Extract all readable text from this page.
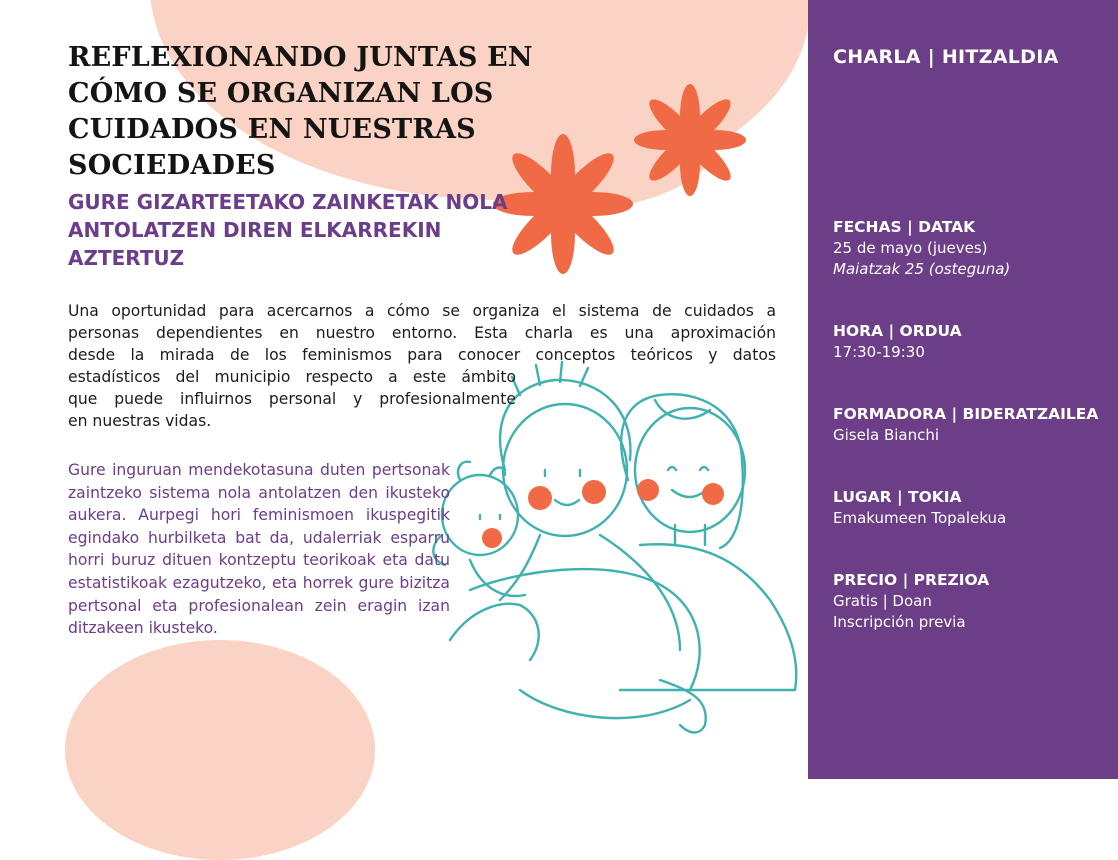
REFLEXIONANDO JUNTAS EN CÓMO SE ORGANIZAN LOS CUIDADOS EN NUESTRAS SOCIEDADES
GURE GIZARTEETAKO ZAINKETAK NOLA ANTOLATZEN DIREN ELKARREKIN AZTERTUZ
Una oportunidad para acercarnos a cómo se organiza el sistema de cuidados a
personas dependientes en nuestro entorno. Esta charla es una aproximación
desde la mirada de los feminismos para conocer conceptos teóricos y datos
estadísticos del municipio respecto a este ámbito
que puede influirnos personal y profesionalmente
en nuestras vidas.

Gure inguruan mendekotasuna duten pertsonak zaintzeko sistema nola antolatzen den ikusteko aukera. Aurpegi hori feminismoen ikuspegitik egindako hurbilketa bat da, udalerriak esparru horri buruz dituen kontzeptu teorikoak eta datu estatistikoak ezagutzeko, eta horrek gure bizitza pertsonal eta profesionalean zein eragin izan ditzakeen ikusteko.

CHARLA | HITZALDIA
FECHAS | DATAK
25 de mayo (jueves)
Maiatzak 25 (osteguna)
HORA | ORDUA
17:30-19:30
FORMADORA | BIDERATZAILEA
Gisela Bianchi
LUGAR | TOKIA
Emakumeen Topalekua
PRECIO | PREZIOA
Gratis | Doan
Inscripción previa
